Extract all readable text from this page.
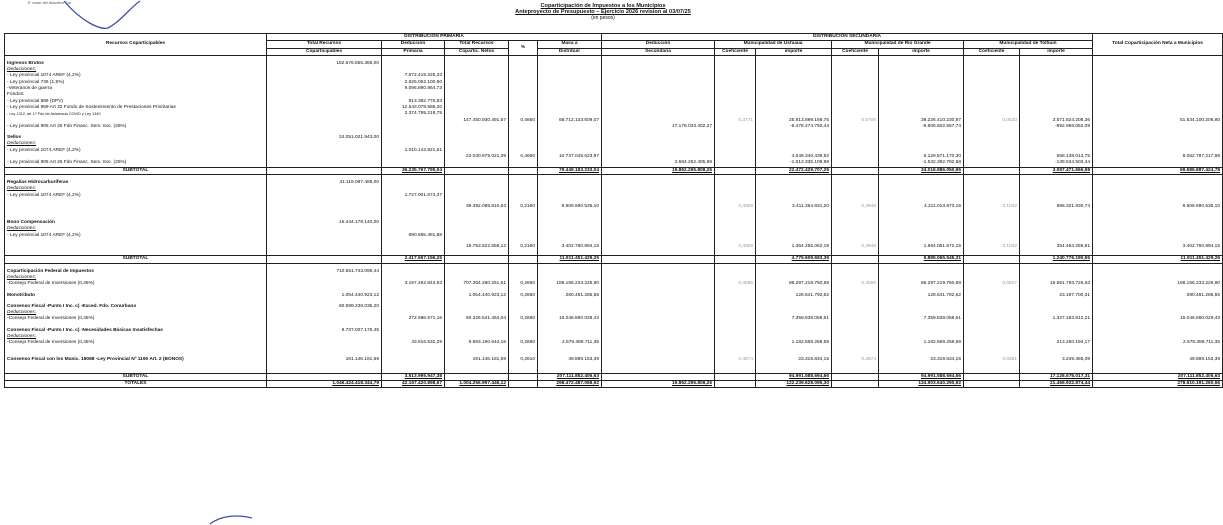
E vuian del Atlantico Sur
Coparticipación de Impuestos a los Municipios
Anteproyecto de Presupuesto – Ejercicio 2026 revision al 03/07/25
(en pesos)
Recursos Coparticipables	DISTRIBUCION PRIMARIA					DISTRIBUCIÓN SECUNDARIA							Total Coparticipación Neta a Municipios
	Total Recursos	Deducción	Total Recursos	%	Masa a	Deducción	Municipalidad de Ushuaia		Municipalidad de Río Grande		Municipalidad de Tolhuin		
	Coparticipables	Primaria	Copartic. Netos		Distribuir	Secundaria	Coeficiente	importe	Coeficiente	importe	Coeficiente	importe	

Ingresos Brutos	182.676.555.365,00												
Deducciones:													
- Ley provincial 1074 AREF (4,2%)		7.672.415.325,33											
- Ley provincial 736 (1,5%)		2.625.062.100,60											
-Veteranos de guerra		9.096.890.864,73											
Fondos:													
- Ley provincial 886 (DPV)		913.382.776,83											
- Ley provincial 959 Art 32 Fondo de Sostenimiento de Prestaciones Prioritarias		12.543.078.586,20											
- Ley 1312, art 17 Fdo de Asistencia COVID y Ley 1340		2.374.795.219,75											
			147.450.930.491,57	0,4660	68.712.133.609,07		0,3771	25.913.899.169,75	0,5708	39.226.410.230,97	0,0520	3.571.824.208,36	51.534.100.206,80
- Ley provincial 905 Art 25 Fdo Financ. Serv. Soc. (25%)						17.178.033.402,27		-6.478.474.792,44		-9.806.602.557,74		-892.956.052,09	

Sellos	24.051.021.943,00												
Deducciones:													
- Ley provincial 1074 AREF (4,2%)		1.010.142.921,61											
			23.040.879.021,39	0,4660	10.737.049.623,97			4.049.340.439,92		6.129.571.170,30		558.138.013,75	8.052.787.217,98
- Ley provincial 905 Art 25 Fdo Financ. Serv. Soc. (25%)						2.684.262.405,99		-1.012.335.109,98		-1.532.392.792,58		-139.534.503,44	
SUBTOTAL		36.235.767.795,04			79.449.183.233,04	19.862.295.808,26		22.472.429.707,25		34.016.986.050,95		3.097.471.666,58	59.586.887.424,78

Regalías Hidrocarburíferas	41.119.087.485,00												
Deducciones:													
- Ley provincial 1074 AREF (4,2%)		1.727.001.674,37											

			39.392.085.810,63	0,2160	8.508.690.535,10		0,4009	3.411.354.831,20	0,4949	4.211.013.973,16	0,1042	886.321.930,74	8.508.690.535,10

Bono Compensación	16.444.178.140,00												
Deducciones:													
- Ley provincial 1074 AREF (4,2%)		690.655.481,88											

			15.753.522.658,12	0,2160	3.402.760.894,15		0,4009	1.364.255.062,19	0,4949	1.684.051.572,15	0,1042	354.454.259,81	3.402.760.894,15

SUBTOTAL		2.417.657.156,25			11.911.451.429,25			4.775.609.693,39		5.895.065.545,31		1.240.776.190,55	11.911.451.429,25

Coparticipación Federal de Impuestos	710.551.743.095,44												
Deducciones:													
-Consejo Federal de Inversiones (0,45%)		3.197.482.843,93	707.354.260.251,51	0,2660	188.156.233.226,90		0,4586	86.297.219.750,68	0,4586	86.297.219.750,68	0,0827	15.561.793.725,53	188.156.233.226,90

Monotributo	1.054.440.923,12		1.054.440.923,12	0,2660	280.481.285,55			128.641.792,62		128.641.792,62		23.197.700,31	280.481.285,55

Consenso Fiscal -Punto I Inc. c) -Exced. Fdo. Conurbano	60.599.238.035,20												
Deducciones:													
-Consejo Federal de Inversiones (0,45%)		272.696.571,16	60.326.541.464,04	0,2660	16.046.860.029,43			7.359.838.058,61		7.359.838.058,61		1.327.183.912,21	16.046.860.029,43

Consenso Fiscal -Punto I Inc. c) -Necesidades Básicas Insatisfechas	9.737.007.176,45												
Deducciones:													
-Consejo Federal de Inversiones (0,45%)		43.816.532,29	9.693.190.644,16	0,2660	2.578.388.711,35			1.182.569.258,59		1.182.569.258,59		213.250.194,17	2.578.388.711,35

Consenso Fiscal con los Munic. 18088 -Ley Provincial Nº 1190 Art. 2 (BONOS)	191.146.181,59		191.146.181,59	0,2610	49.889.153,39		0,4674	23.319.834,15	0,4674	23.319.834,15	0,0651	3.249.485,09	49.889.153,39

SUBTOTAL		3.513.995.947,38			207.111.852.406,63			94.991.588.694,66		94.991.588.694,66		17.128.675.017,31	207.111.852.406,63
TOTALES	1.046.424.418.344,79	42.167.420.898,67	1.004.256.997.446,12		298.472.487.068,92	19.862.295.808,26		122.239.628.095,30		134.903.640.290,92		21.466.922.874,44	278.610.191.260,66
